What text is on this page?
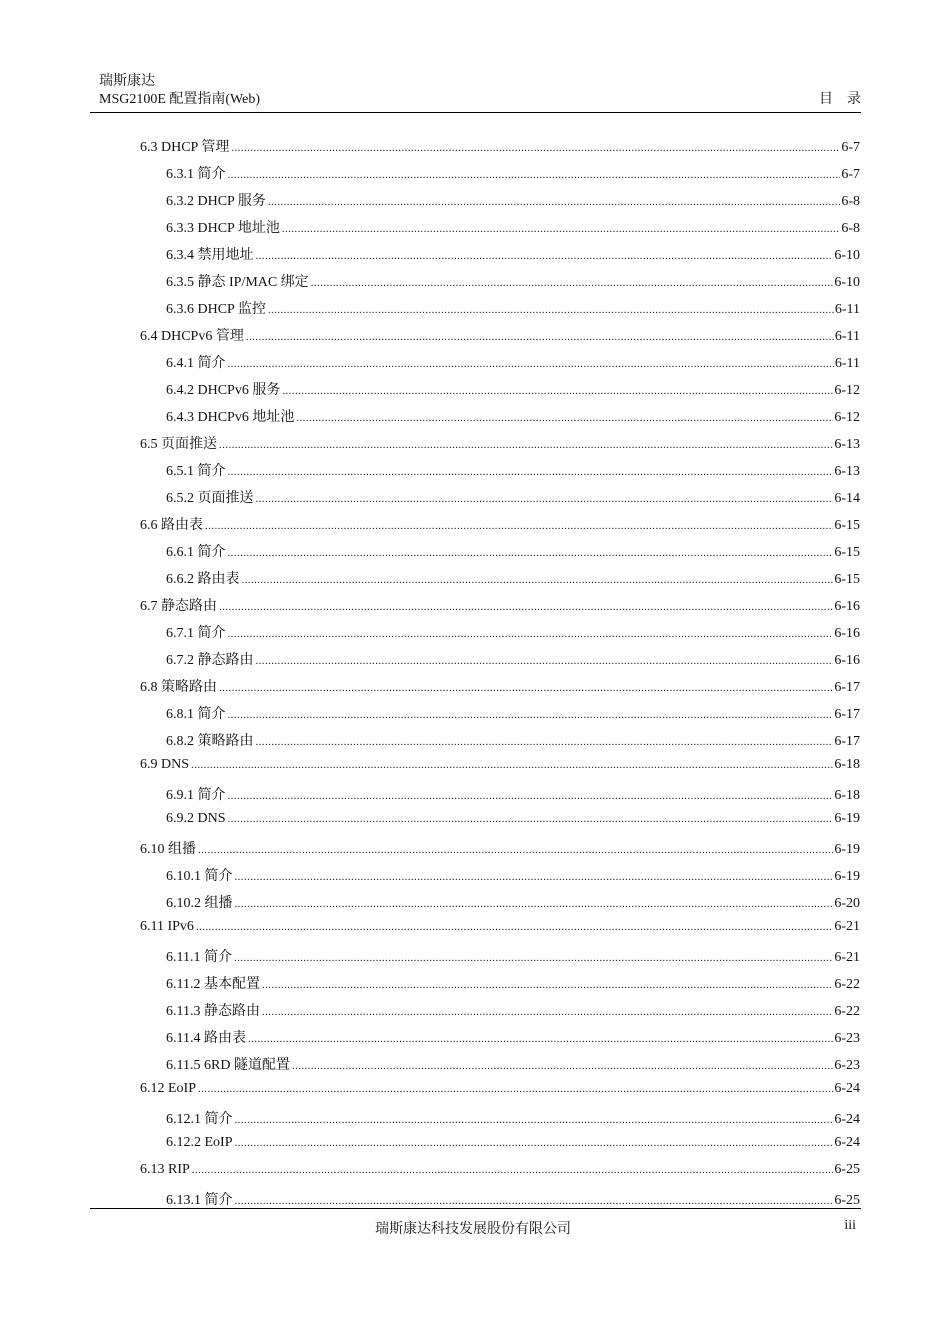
瑞斯康达
MSG2100E 配置指南(Web)	目录
6.3 DHCP 管理 .....	6-7
6.3.1 简介 .....	6-7
6.3.2 DHCP 服务 .....	6-8
6.3.3 DHCP 地址池 .....	6-8
6.3.4 禁用地址 .....	6-10
6.3.5 静态 IP/MAC 绑定 .....	6-10
6.3.6 DHCP 监控 .....	6-11
6.4 DHCPv6 管理 .....	6-11
6.4.1 简介 .....	6-11
6.4.2 DHCPv6 服务 .....	6-12
6.4.3 DHCPv6 地址池 .....	6-12
6.5 页面推送 .....	6-13
6.5.1 简介 .....	6-13
6.5.2 页面推送 .....	6-14
6.6 路由表 .....	6-15
6.6.1 简介 .....	6-15
6.6.2 路由表 .....	6-15
6.7 静态路由 .....	6-16
6.7.1 简介 .....	6-16
6.7.2 静态路由 .....	6-16
6.8 策略路由 .....	6-17
6.8.1 简介 .....	6-17
6.8.2 策略路由 .....	6-17
6.9 DNS .....	6-18
6.9.1 简介 .....	6-18
6.9.2 DNS .....	6-19
6.10 组播 .....	6-19
6.10.1 简介 .....	6-19
6.10.2 组播 .....	6-20
6.11 IPv6 .....	6-21
6.11.1 简介 .....	6-21
6.11.2 基本配置 .....	6-22
6.11.3 静态路由 .....	6-22
6.11.4 路由表 .....	6-23
6.11.5 6RD 隧道配置 .....	6-23
6.12 EoIP .....	6-24
6.12.1 简介 .....	6-24
6.12.2 EoIP .....	6-24
6.13 RIP .....	6-25
6.13.1 简介 .....	6-25
瑞斯康达科技发展股份有限公司	iii
